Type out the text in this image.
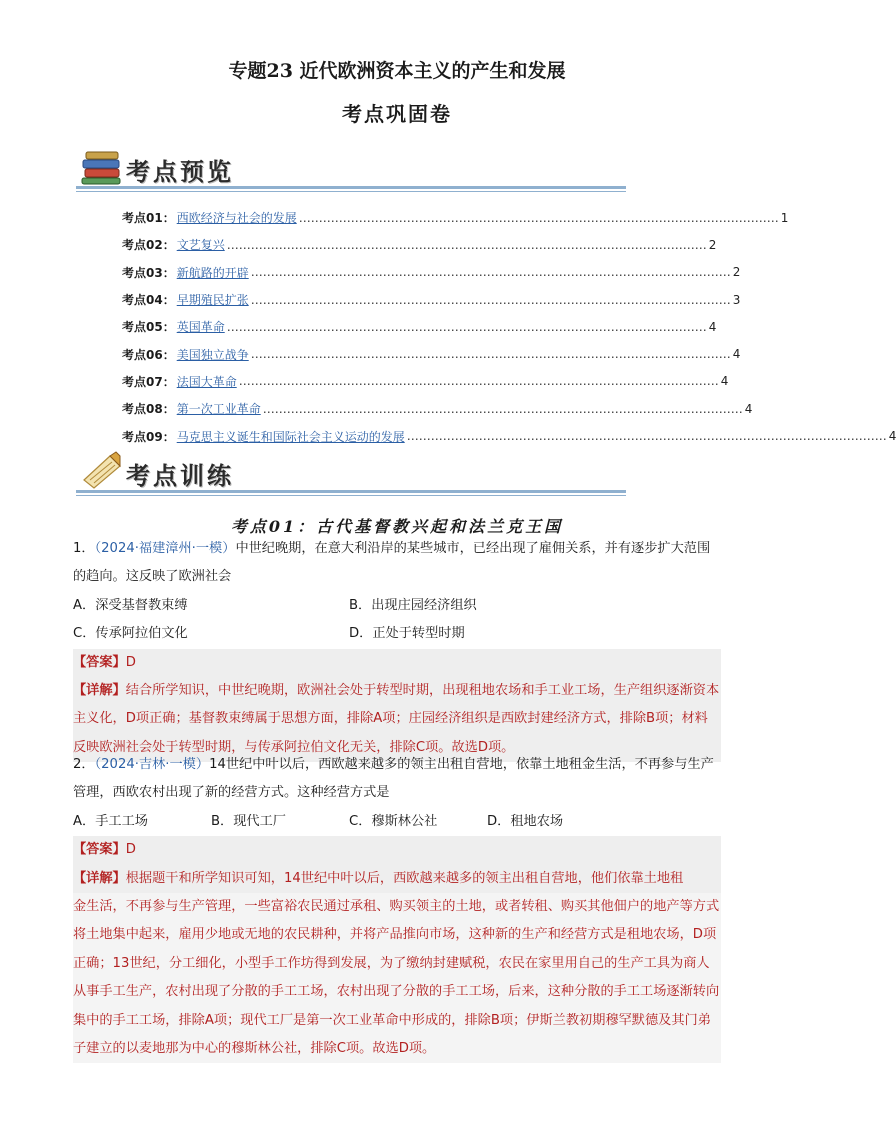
专题23 近代欧洲资本主义的产生和发展
考点巩固卷
考点预览
考点01： 西欧经济与社会的发展 ………………………………………………………………………………………………………… 1
考点02： 文艺复兴 ………………………………………………………………………………………………………… 2
考点03： 新航路的开辟 ………………………………………………………………………………………………………… 2
考点04： 早期殖民扩张 ………………………………………………………………………………………………………… 3
考点05： 英国革命 ………………………………………………………………………………………………………… 4
考点06： 美国独立战争 ………………………………………………………………………………………………………… 4
考点07： 法国大革命 ………………………………………………………………………………………………………… 4
考点08： 第一次工业革命 ………………………………………………………………………………………………………… 4
考点09： 马克思主义诞生和国际社会主义运动的发展 ………………………………………………………………………………………………………… 4
考点训练
考点01：古代基督教兴起和法兰克王国
1．（2024·福建漳州·一模）中世纪晚期，在意大利沿岸的某些城市，已经出现了雇佣关系，并有逐步扩大范围的趋向。这反映了欧洲社会
A．深受基督教束缚	B．出现庄园经济组织
C．传承阿拉伯文化	D．正处于转型时期
【答案】D
【详解】结合所学知识，中世纪晚期，欧洲社会处于转型时期，出现租地农场和手工业工场，生产组织逐渐资本主义化，D项正确；基督教束缚属于思想方面，排除A项；庄园经济组织是西欧封建经济方式，排除B项；材料反映欧洲社会处于转型时期，与传承阿拉伯文化无关，排除C项。故选D项。
2．（2024·吉林·一模）14世纪中叶以后，西欧越来越多的领主出租自营地，依靠土地租金生活，不再参与生产管理，西欧农村出现了新的经营方式。这种经营方式是
A．手工工场	B．现代工厂	C．穆斯林公社	D．租地农场
【答案】D
【详解】根据题干和所学知识可知，14世纪中叶以后，西欧越来越多的领主出租自营地，他们依靠土地租
金生活，不再参与生产管理，一些富裕农民通过承租、购买领主的土地，或者转租、购买其他佃户的地产等方式将土地集中起来，雇用少地或无地的农民耕种，并将产品推向市场，这种新的生产和经营方式是租地农场，D项正确；13世纪，分工细化，小型手工作坊得到发展，为了缴纳封建赋税，农民在家里用自己的生产工具为商人从事手工生产，农村出现了分散的手工工场，农村出现了分散的手工工场，后来，这种分散的手工工场逐渐转向集中的手工工场，排除A项；现代工厂是第一次工业革命中形成的，排除B项；伊斯兰教初期穆罕默德及其门弟子建立的以麦地那为中心的穆斯林公社，排除C项。故选D项。
